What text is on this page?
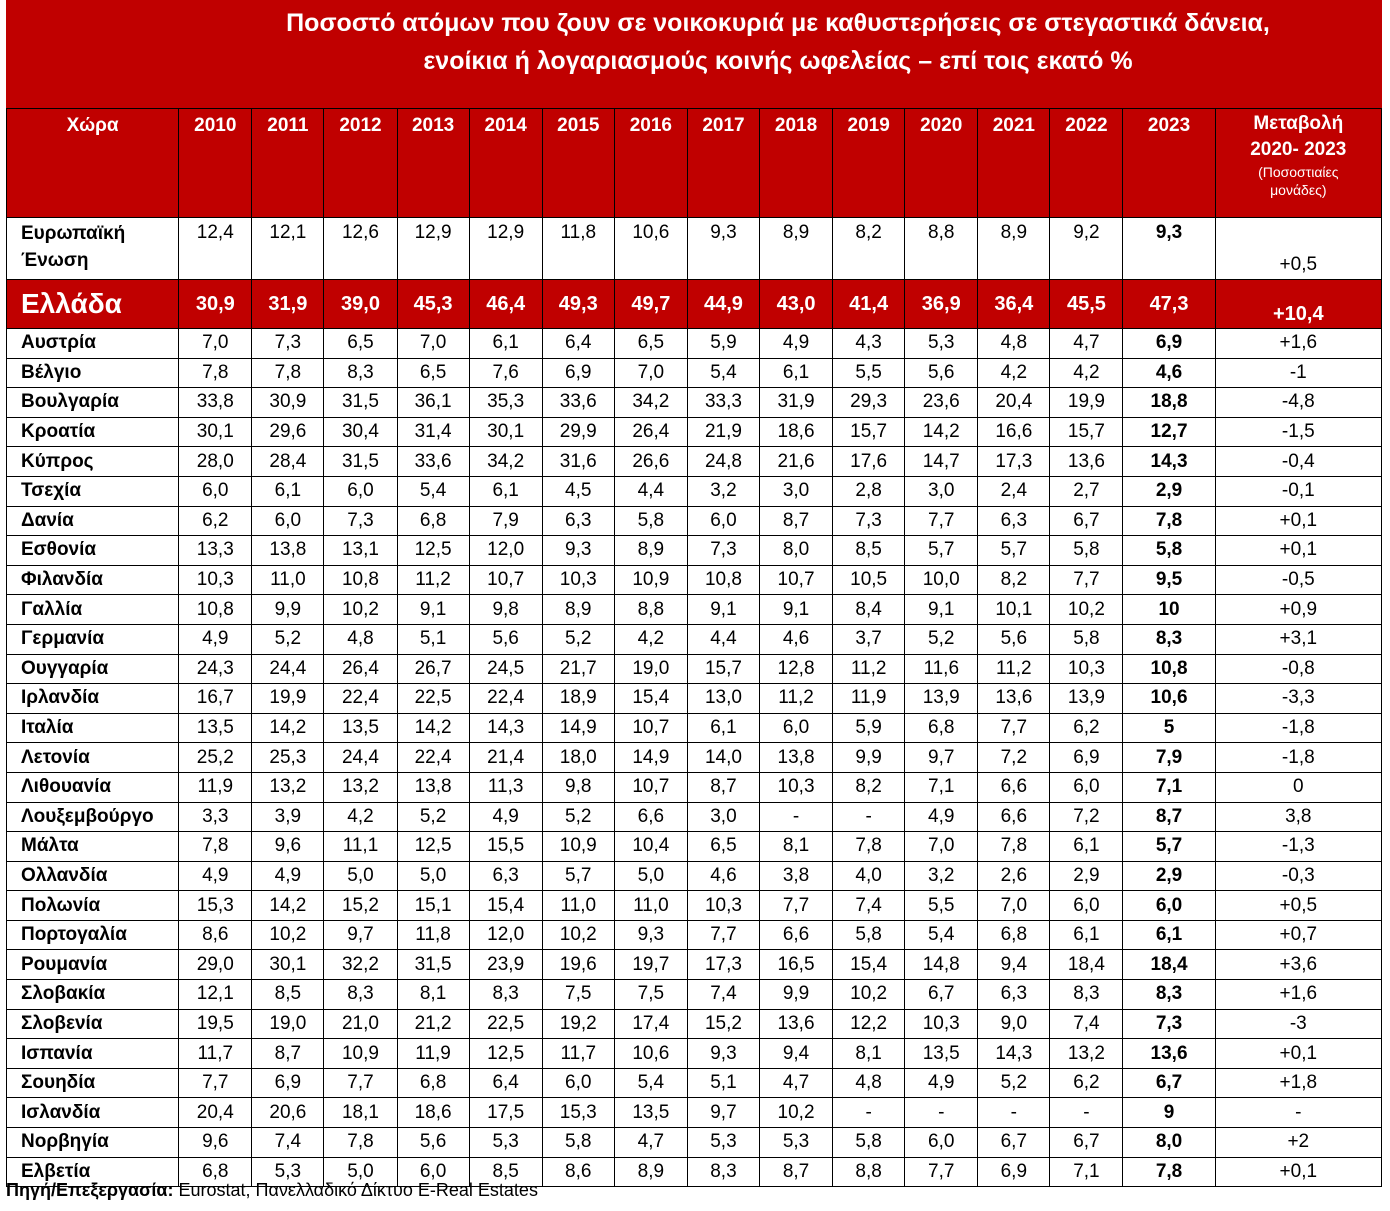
Ποσοστό ατόμων που ζουν σε νοικοκυριά με καθυστερήσεις σε στεγαστικά δάνεια,
ενοίκια ή λογαριασμούς κοινής ωφελείας – επί τοις εκατό %
Χώρα	2010	2011	2012	2013	2014	2015	2016	2017	2018	2019	2020	2021	2022	2023	Μεταβολή
2020- 2023
(Ποσοστιαίες
μονάδες)

Ευρωπαϊκή
Ένωση	12,4	12,1	12,6	12,9	12,9	11,8	10,6	9,3	8,9	8,2	8,8	8,9	9,2	9,3	+0,5
Ελλάδα	30,9	31,9	39,0	45,3	46,4	49,3	49,7	44,9	43,0	41,4	36,9	36,4	45,5	47,3	+10,4
Αυστρία	7,0	7,3	6,5	7,0	6,1	6,4	6,5	5,9	4,9	4,3	5,3	4,8	4,7	6,9	+1,6
Βέλγιο	7,8	7,8	8,3	6,5	7,6	6,9	7,0	5,4	6,1	5,5	5,6	4,2	4,2	4,6	-1
Βουλγαρία	33,8	30,9	31,5	36,1	35,3	33,6	34,2	33,3	31,9	29,3	23,6	20,4	19,9	18,8	-4,8
Κροατία	30,1	29,6	30,4	31,4	30,1	29,9	26,4	21,9	18,6	15,7	14,2	16,6	15,7	12,7	-1,5
Κύπρος	28,0	28,4	31,5	33,6	34,2	31,6	26,6	24,8	21,6	17,6	14,7	17,3	13,6	14,3	-0,4
Τσεχία	6,0	6,1	6,0	5,4	6,1	4,5	4,4	3,2	3,0	2,8	3,0	2,4	2,7	2,9	-0,1
Δανία	6,2	6,0	7,3	6,8	7,9	6,3	5,8	6,0	8,7	7,3	7,7	6,3	6,7	7,8	+0,1
Εσθονία	13,3	13,8	13,1	12,5	12,0	9,3	8,9	7,3	8,0	8,5	5,7	5,7	5,8	5,8	+0,1
Φιλανδία	10,3	11,0	10,8	11,2	10,7	10,3	10,9	10,8	10,7	10,5	10,0	8,2	7,7	9,5	-0,5
Γαλλία	10,8	9,9	10,2	9,1	9,8	8,9	8,8	9,1	9,1	8,4	9,1	10,1	10,2	10	+0,9
Γερμανία	4,9	5,2	4,8	5,1	5,6	5,2	4,2	4,4	4,6	3,7	5,2	5,6	5,8	8,3	+3,1
Ουγγαρία	24,3	24,4	26,4	26,7	24,5	21,7	19,0	15,7	12,8	11,2	11,6	11,2	10,3	10,8	-0,8
Ιρλανδία	16,7	19,9	22,4	22,5	22,4	18,9	15,4	13,0	11,2	11,9	13,9	13,6	13,9	10,6	-3,3
Ιταλία	13,5	14,2	13,5	14,2	14,3	14,9	10,7	6,1	6,0	5,9	6,8	7,7	6,2	5	-1,8
Λετονία	25,2	25,3	24,4	22,4	21,4	18,0	14,9	14,0	13,8	9,9	9,7	7,2	6,9	7,9	-1,8
Λιθουανία	11,9	13,2	13,2	13,8	11,3	9,8	10,7	8,7	10,3	8,2	7,1	6,6	6,0	7,1	0
Λουξεμβούργο	3,3	3,9	4,2	5,2	4,9	5,2	6,6	3,0	-	-	4,9	6,6	7,2	8,7	3,8
Μάλτα	7,8	9,6	11,1	12,5	15,5	10,9	10,4	6,5	8,1	7,8	7,0	7,8	6,1	5,7	-1,3
Ολλανδία	4,9	4,9	5,0	5,0	6,3	5,7	5,0	4,6	3,8	4,0	3,2	2,6	2,9	2,9	-0,3
Πολωνία	15,3	14,2	15,2	15,1	15,4	11,0	11,0	10,3	7,7	7,4	5,5	7,0	6,0	6,0	+0,5
Πορτογαλία	8,6	10,2	9,7	11,8	12,0	10,2	9,3	7,7	6,6	5,8	5,4	6,8	6,1	6,1	+0,7
Ρουμανία	29,0	30,1	32,2	31,5	23,9	19,6	19,7	17,3	16,5	15,4	14,8	9,4	18,4	18,4	+3,6
Σλοβακία	12,1	8,5	8,3	8,1	8,3	7,5	7,5	7,4	9,9	10,2	6,7	6,3	8,3	8,3	+1,6
Σλοβενία	19,5	19,0	21,0	21,2	22,5	19,2	17,4	15,2	13,6	12,2	10,3	9,0	7,4	7,3	-3
Ισπανία	11,7	8,7	10,9	11,9	12,5	11,7	10,6	9,3	9,4	8,1	13,5	14,3	13,2	13,6	+0,1
Σουηδία	7,7	6,9	7,7	6,8	6,4	6,0	5,4	5,1	4,7	4,8	4,9	5,2	6,2	6,7	+1,8
Ισλανδία	20,4	20,6	18,1	18,6	17,5	15,3	13,5	9,7	10,2	-	-	-	-	9	-
Νορβηγία	9,6	7,4	7,8	5,6	5,3	5,8	4,7	5,3	5,3	5,8	6,0	6,7	6,7	8,0	+2
Ελβετία	6,8	5,3	5,0	6,0	8,5	8,6	8,9	8,3	8,7	8,8	7,7	6,9	7,1	7,8	+0,1
Πηγή/Επεξεργασία: Eurostat, Πανελλαδικό Δίκτυο E-Real Estates
